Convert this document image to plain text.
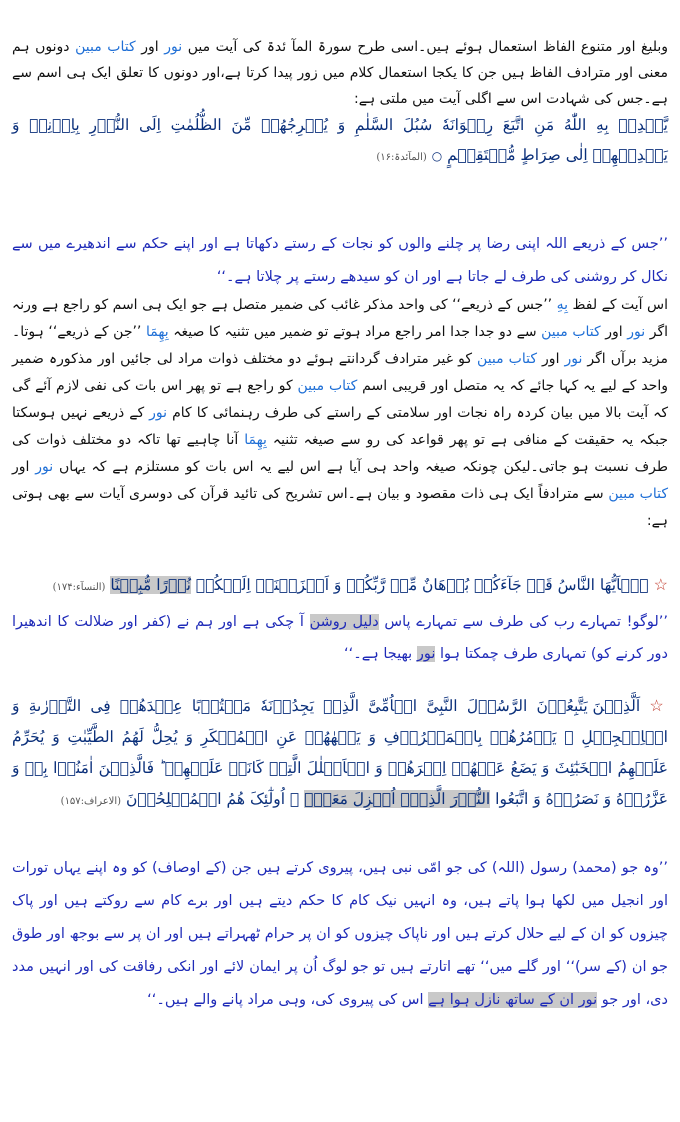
وبلیغ اور متنوع الفاظ استعمال ہوئے ہیں۔اسی طرح سورۃ المآ ئدۃ کی آیت میں نور اور کتاب مبین دونوں ہم معنی اور مترادف الفاظ ہیں جن کا یکجا استعمال کلام میں زور پیدا کرتا ہے،اور دونوں کا تعلق ایک ہی اسم سے ہے۔جس کی شہادت اس سے اگلی آیت میں ملتی ہے:

یَّهۡدِیۡ بِهِ اللّٰهُ مَنِ اتَّبَعَ رِضۡوَانَهٗ سُبُلَ السَّلٰمِ وَ یُخۡرِجُهُمۡ مِّنَ الظُّلُمٰتِ اِلَی النُّوۡرِ بِاِذۡنِهٖ وَ یَهۡدِیۡهِمۡ اِلٰی صِرَاطٍ مُّسۡتَقِیۡمٍ ○ (المآئدۃ:۱۶)

’’جس کے ذریعے اللہ اپنی رضا پر چلنے والوں کو نجات کے رستے دکھاتا ہے اور اپنے حکم سے اندھیرے میں سے نکال کر روشنی کی طرف لے جاتا ہے اور ان کو سیدھے رستے پر چلاتا ہے۔‘‘

اس آیت کے لفظ بِهِ ’’جس کے ذریعے‘‘ کی واحد مذکر غائب کی ضمیر متصل ہے جو ایک ہی اسم کو راجع ہے ورنہ اگر نور اور کتاب مبین سے دو جدا جدا امر راجع مراد ہوتے تو ضمیر میں تثنیہ کا صیغہ بِهِمَا ’’جن کے ذریعے‘‘ ہوتا۔مزید برآں اگر نور اور کتاب مبین کو غیر مترادف گردانتے ہوئے دو مختلف ذوات مراد لی جائیں اور مذکورہ ضمیر واحد کے لیے یہ کہا جائے کہ یہ متصل اور قریبی اسم کتاب مبین کو راجع ہے تو پھر اس بات کی نفی لازم آئے گی کہ آیت بالا میں بیان کردہ راہ نجات اور سلامتی کے راستے کی طرف رہنمائی کا کام نور کے ذریعے نہیں ہوسکتا جبکہ یہ حقیقت کے منافی ہے تو پھر قواعد کی رو سے صیغہ تثنیہ بِهِمَا آنا چاہیے تھا تاکہ دو مختلف ذوات کی طرف نسبت ہو جاتی۔لیکن چونکہ صیغہ واحد ہی آیا ہے اس لیے یہ اس بات کو مستلزم ہے کہ یہاں نور اور کتاب مبین سے مترادفاً ایک ہی ذات مقصود و بیان ہے۔اس تشریح کی تائید قرآن کی دوسری آیات سے بھی ہوتی ہے:

☆ یٰۤاَیُّهَا النَّاسُ قَدۡ جَآءَکُمۡ بُرۡهَانٌ مِّنۡ رَّبِّکُمۡ وَ اَنۡزَلۡنَاۤ اِلَیۡکُمۡ نُوۡرًا مُّبِیۡنًا (النسآء:۱۷۴)

’’لوگو! تمہارے رب کی طرف سے تمہارے پاس دلیل روشن آ چکی ہے اور ہم نے (کفر اور ضلالت کا اندھیرا دور کرنے کو) تمہاری طرف چمکتا ہوا نور بھیجا ہے۔‘‘

☆ اَلَّذِیۡنَ یَتَّبِعُوۡنَ الرَّسُوۡلَ النَّبِیَّ الۡاُمِّیَّ الَّذِیۡ یَجِدُوۡنَهٗ مَکۡتُوۡبًا عِنۡدَهُمۡ فِی التَّوۡرٰىةِ وَ الۡاِنۡجِیۡلِ ۫ یَاۡمُرُهُمۡ بِالۡمَعۡرُوۡفِ وَ یَنۡهٰهُمۡ عَنِ الۡمُنۡکَرِ وَ یُحِلُّ لَهُمُ الطَّیِّبٰتِ وَ یُحَرِّمُ عَلَیۡهِمُ الۡخَبٰٓئِثَ وَ یَضَعُ عَنۡهُمۡ اِصۡرَهُمۡ وَ الۡاَغۡلٰلَ الَّتِیۡ کَانَتۡ عَلَیۡهِمۡ ؕ فَالَّذِیۡنَ اٰمَنُوۡا بِهٖ وَ عَزَّرُوۡهُ وَ نَصَرُوۡهُ وَ اتَّبَعُوا النُّوۡرَ الَّذِیۡۤ اُنۡزِلَ مَعَهٗۤ ۙ اُولٰٓئِکَ هُمُ الۡمُفۡلِحُوۡنَ (الاعراف:۱۵۷)

’’وہ جو (محمد) رسول (اللہ) کی جو امّی نبی ہیں، پیروی کرتے ہیں جن (کے اوصاف) کو وہ اپنے یہاں تورات اور انجیل میں لکھا ہوا پاتے ہیں، وہ انہیں نیک کام کا حکم دیتے ہیں اور برے کام سے روکتے ہیں اور پاک چیزوں کو ان کے لیے حلال کرتے ہیں اور ناپاک چیزوں کو ان پر حرام ٹھہراتے ہیں اور ان پر سے بوجھ اور طوق جو ان (کے سر)‘‘ اور گلے میں‘‘ تھے اتارتے ہیں تو جو لوگ اُن پر ایمان لائے اور انکی رفاقت کی اور انہیں مدد دی، اور جو نور ان کے ساتھ نازل ہوا ہے اس کی پیروی کی، وہی مراد پانے والے ہیں۔‘‘
